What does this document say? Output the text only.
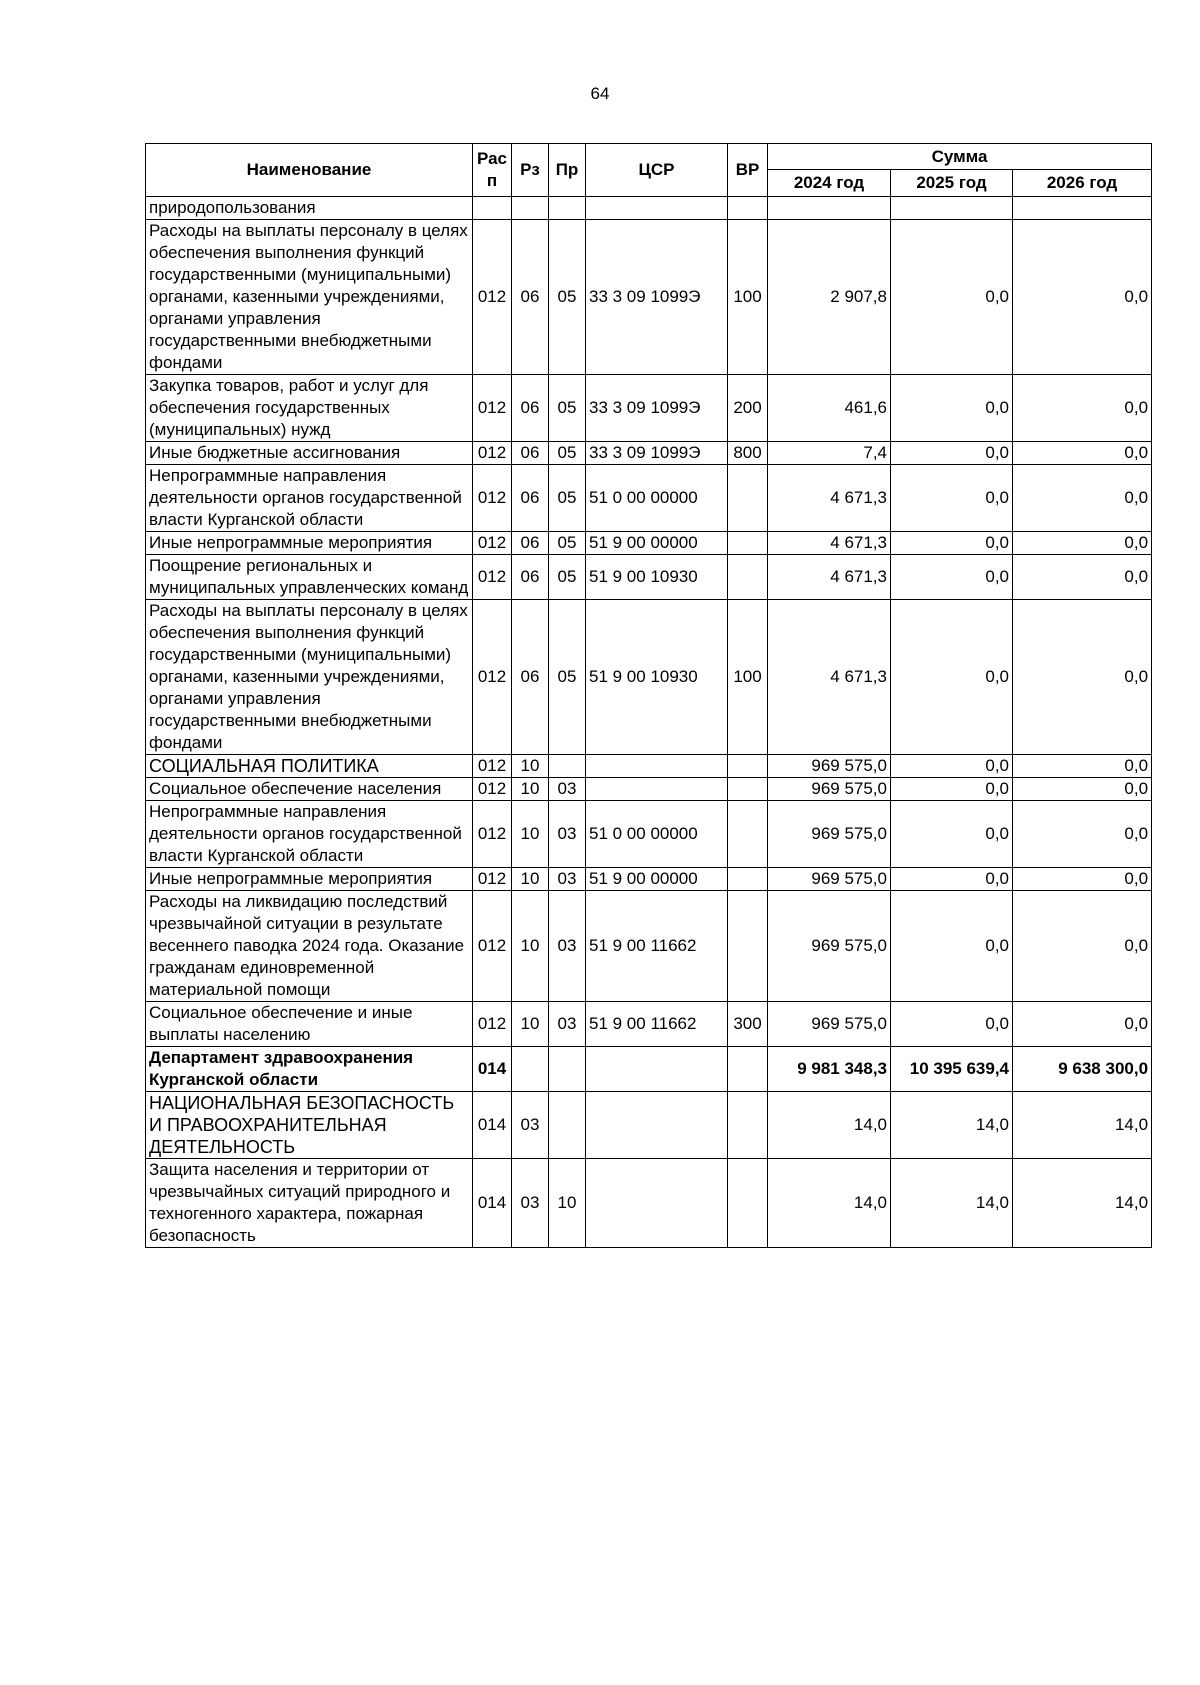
64
Наименование	Рас
п	Рз	Пр	ЦСР	ВР	Сумма		
						2024 год	2025 год	2026 год
природопользования								
Расходы на выплаты персоналу в целях обеспечения выполнения функций государственными (муниципальными) органами, казенными учреждениями, органами управления государственными внебюджетными фондами	012	06	05	33 3 09 1099Э	100	2 907,8	0,0	0,0
Закупка товаров, работ и услуг для обеспечения государственных (муниципальных) нужд	012	06	05	33 3 09 1099Э	200	461,6	0,0	0,0
Иные бюджетные ассигнования	012	06	05	33 3 09 1099Э	800	7,4	0,0	0,0
Непрограммные направления деятельности органов государственной власти Курганской области	012	06	05	51 0 00 00000		4 671,3	0,0	0,0
Иные непрограммные мероприятия	012	06	05	51 9 00 00000		4 671,3	0,0	0,0
Поощрение региональных и муниципальных управленческих команд	012	06	05	51 9 00 10930		4 671,3	0,0	0,0
Расходы на выплаты персоналу в целях обеспечения выполнения функций государственными (муниципальными) органами, казенными учреждениями, органами управления государственными внебюджетными фондами	012	06	05	51 9 00 10930	100	4 671,3	0,0	0,0
СОЦИАЛЬНАЯ ПОЛИТИКА	012	10				969 575,0	0,0	0,0
Социальное обеспечение населения	012	10	03			969 575,0	0,0	0,0
Непрограммные направления деятельности органов государственной власти Курганской области	012	10	03	51 0 00 00000		969 575,0	0,0	0,0
Иные непрограммные мероприятия	012	10	03	51 9 00 00000		969 575,0	0,0	0,0
Расходы на ликвидацию последствий чрезвычайной ситуации в результате весеннего паводка 2024 года. Оказание гражданам единовременной материальной помощи	012	10	03	51 9 00 11662		969 575,0	0,0	0,0
Социальное обеспечение и иные выплаты населению	012	10	03	51 9 00 11662	300	969 575,0	0,0	0,0
Департамент здравоохранения Курганской области	014					9 981 348,3	10 395 639,4	9 638 300,0
НАЦИОНАЛЬНАЯ БЕЗОПАСНОСТЬ И ПРАВООХРАНИТЕЛЬНАЯ ДЕЯТЕЛЬНОСТЬ	014	03				14,0	14,0	14,0
Защита населения и территории от чрезвычайных ситуаций природного и техногенного характера, пожарная безопасность	014	03	10			14,0	14,0	14,0
